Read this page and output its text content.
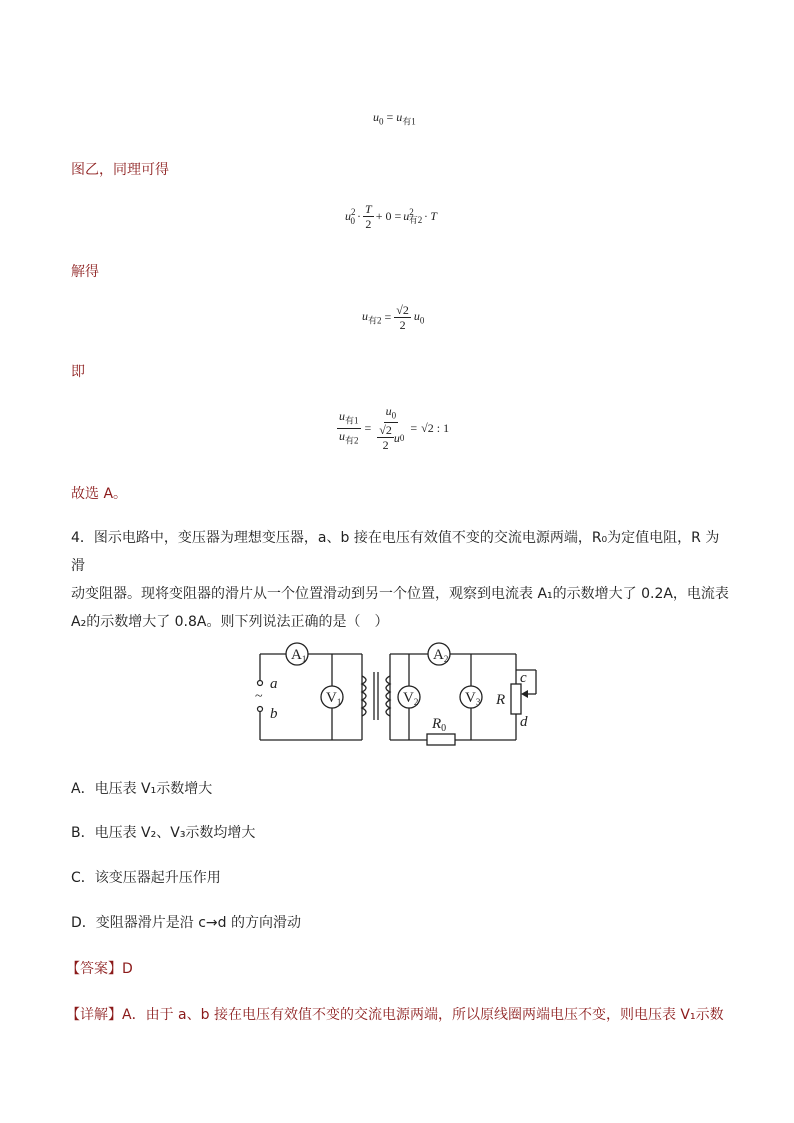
$u_0 = u_{有1}$
图乙，同理可得
$u^2_0 \cdot \frac{T}{2} + 0 = u^2_{有2} \cdot T$
解得
$u_{有2} = \frac{√2}{2} u_0$
即
$\frac{u_{有1}}{u_{有2}} = \frac{u_0}{\frac{√2}{2} u 0} = √2$ : 1
故选 A。
4．图示电路中，变压器为理想变压器，a、b 接在电压有效值不变的交流电源两端，R₀为定值电阻，R 为滑
动变阻器。现将变阻器的滑片从一个位置滑动到另一个位置，观察到电流表 A₁的示数增大了 0.2A，电流表
A₂的示数增大了 0.8A。则下列说法正确的是（　）
a
b
~
$A_1$
$V_1$
$A_2$
$V_2$	$V_3$
$R_0$
R
c
d
A．电压表 V₁示数增大
B．电压表 V₂、V₃示数均增大
C．该变压器起升压作用
D．变阻器滑片是沿 c→d 的方向滑动
【答案】D
【详解】A．由于 a、b 接在电压有效值不变的交流电源两端，所以原线圈两端电压不变，则电压表 V₁示数
